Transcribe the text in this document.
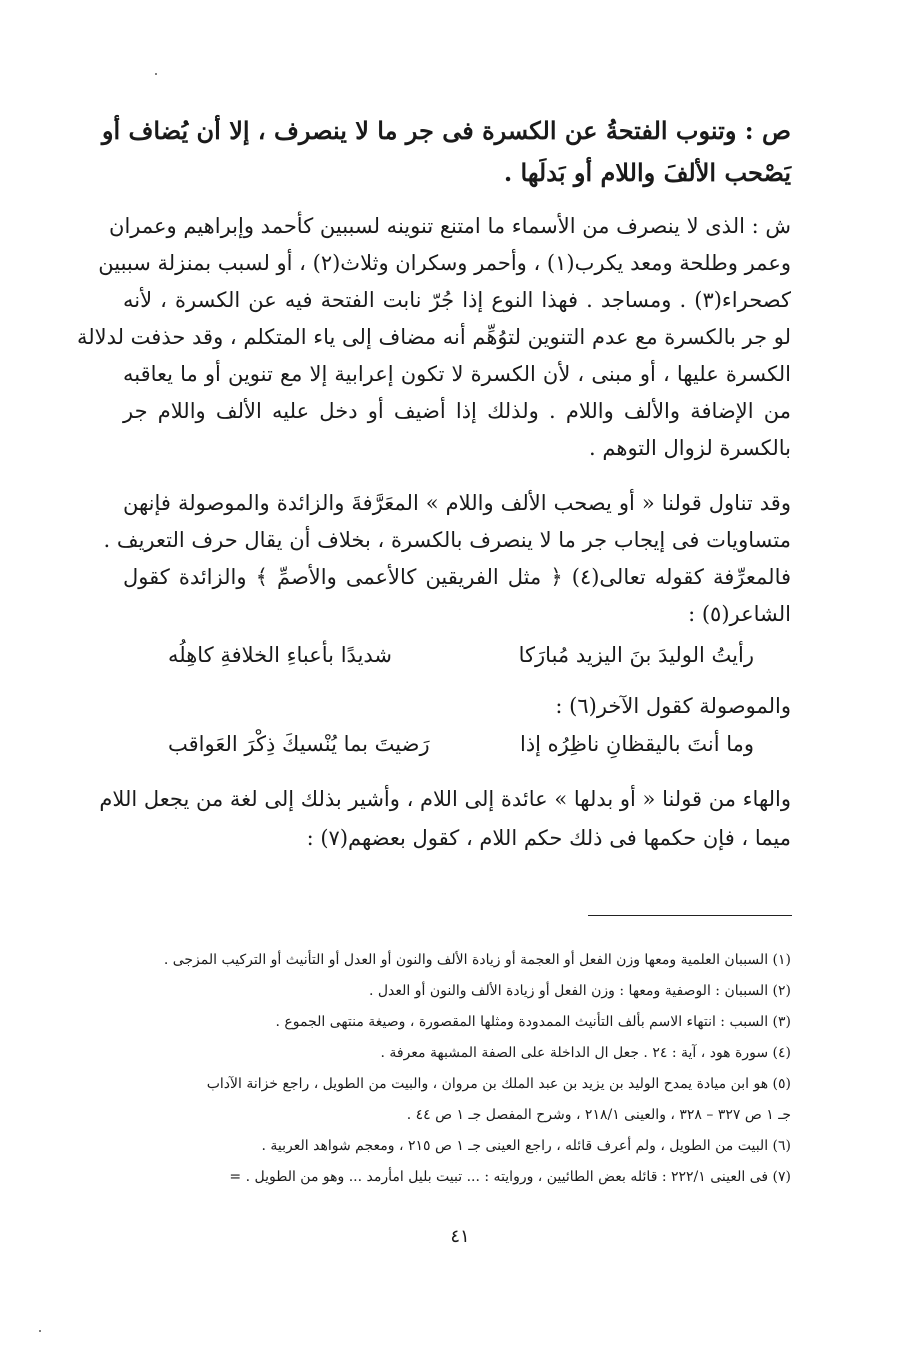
ص : وتنوب الفتحةُ عن الكسرة فى جر ما لا ينصرف ، إلا أن يُضاف أو
يَصْحب الألفَ واللام أو بَدلَها .
ش : الذى لا ينصرف من الأسماء ما امتنع تنوينه لسببين كأحمد وإبراهيم وعمران
وعمر وطلحة ومعد يكرب(١) ، وأحمر وسكران وثلاث(٢) ، أو لسبب بمنزلة سببين
كصحراء(٣) . ومساجد . فهذا النوع إذا جُرّ نابت الفتحة فيه عن الكسرة ، لأنه
لو جر بالكسرة مع عدم التنوين لتوُهِّم أنه مضاف إلى ياء المتكلم ، وقد حذفت لدلالة
الكسرة عليها ، أو مبنى ، لأن الكسرة لا تكون إعرابية إلا مع تنوين أو ما يعاقبه
من الإضافة والألف واللام . ولذلك إذا أضيف أو دخل عليه الألف واللام جر
بالكسرة لزوال التوهم .
وقد تناول قولنا « أو يصحب الألف واللام » المعَرَّفةَ والزائدة والموصولة فإنهن
متساويات فى إيجاب جر ما لا ينصرف بالكسرة ، بخلاف أن يقال حرف التعريف .
فالمعرِّفة كقوله تعالى(٤) ﴿ مثل الفريقين كالأعمى والأصمِّ ﴾ والزائدة كقول
الشاعر(٥) :
رأيتُ الوليدَ بنَ اليزيد مُبارَكا
شديدًا بأعباءِ الخلافةِ كاهِلُه
والموصولة كقول الآخر(٦) :
وما أنتَ باليقظانِ ناظِرُه إذا
رَضيتَ بما يُنْسيكَ ذِكْرَ العَواقب
والهاء من قولنا « أو بدلها » عائدة إلى اللام ، وأشير بذلك إلى لغة من يجعل اللام
ميما ، فإن حكمها فى ذلك حكم اللام ، كقول بعضهم(٧) :
(١) السببان العلمية ومعها وزن الفعل أو العجمة أو زيادة الألف والنون أو العدل أو التأنيث أو التركيب المزجى .
(٢) السببان : الوصفية ومعها : وزن الفعل أو زيادة الألف والنون أو العدل .
(٣) السبب : انتهاء الاسم بألف التأنيث الممدودة ومثلها المقصورة ، وصيغة منتهى الجموع .
(٤) سورة هود ، آية : ٢٤ . جعل ال الداخلة على الصفة المشبهة معرفة .
(٥) هو ابن ميادة يمدح الوليد بن يزيد بن عبد الملك بن مروان ، والبيت من الطويل ، راجع خزانة الآداب
جـ ١ ص ٣٢٧ – ٣٢٨ ، والعينى ٢١٨/١ ، وشرح المفصل جـ ١ ص ٤٤ .
(٦) البيت من الطويل ، ولم أعرف قائله ، راجع العينى جـ ١ ص ٢١٥ ، ومعجم شواهد العربية .
(٧) فى العينى ٢٢٢/١ : قائله بعض الطائيين ، وروايته : ... تبيت بليل امأرمد ... وهو من الطويل . =
٤١
